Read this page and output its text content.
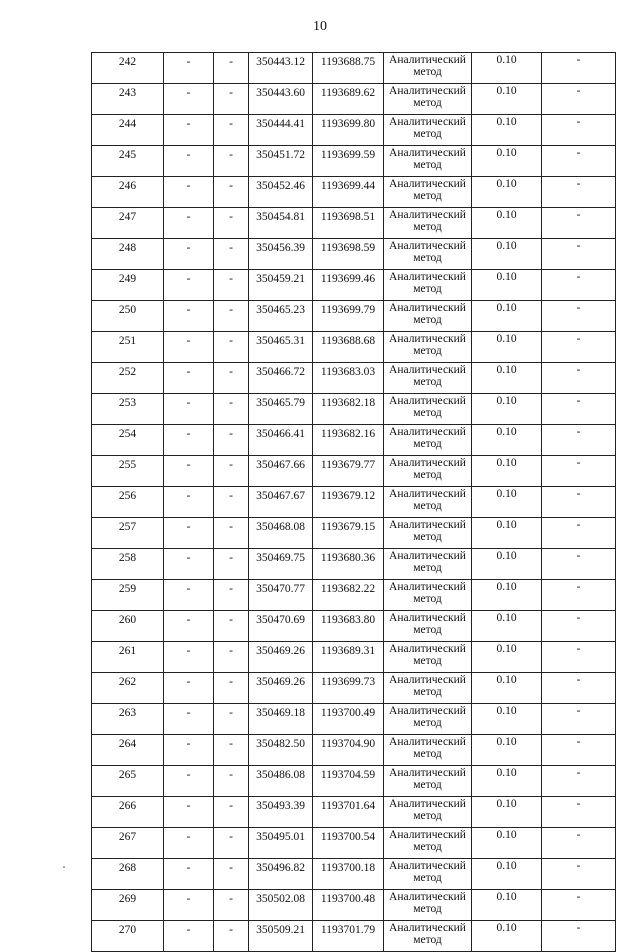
10
242	-	-	350443.12	1193688.75	Аналитический метод	0.10	-
243	-	-	350443.60	1193689.62	Аналитический метод	0.10	-
244	-	-	350444.41	1193699.80	Аналитический метод	0.10	-
245	-	-	350451.72	1193699.59	Аналитический метод	0.10	-
246	-	-	350452.46	1193699.44	Аналитический метод	0.10	-
247	-	-	350454.81	1193698.51	Аналитический метод	0.10	-
248	-	-	350456.39	1193698.59	Аналитический метод	0.10	-
249	-	-	350459.21	1193699.46	Аналитический метод	0.10	-
250	-	-	350465.23	1193699.79	Аналитический метод	0.10	-
251	-	-	350465.31	1193688.68	Аналитический метод	0.10	-
252	-	-	350466.72	1193683.03	Аналитический метод	0.10	-
253	-	-	350465.79	1193682.18	Аналитический метод	0.10	-
254	-	-	350466.41	1193682.16	Аналитический метод	0.10	-
255	-	-	350467.66	1193679.77	Аналитический метод	0.10	-
256	-	-	350467.67	1193679.12	Аналитический метод	0.10	-
257	-	-	350468.08	1193679.15	Аналитический метод	0.10	-
258	-	-	350469.75	1193680.36	Аналитический метод	0.10	-
259	-	-	350470.77	1193682.22	Аналитический метод	0.10	-
260	-	-	350470.69	1193683.80	Аналитический метод	0.10	-
261	-	-	350469.26	1193689.31	Аналитический метод	0.10	-
262	-	-	350469.26	1193699.73	Аналитический метод	0.10	-
263	-	-	350469.18	1193700.49	Аналитический метод	0.10	-
264	-	-	350482.50	1193704.90	Аналитический метод	0.10	-
265	-	-	350486.08	1193704.59	Аналитический метод	0.10	-
266	-	-	350493.39	1193701.64	Аналитический метод	0.10	-
267	-	-	350495.01	1193700.54	Аналитический метод	0.10	-
268	-	-	350496.82	1193700.18	Аналитический метод	0.10	-
269	-	-	350502.08	1193700.48	Аналитический метод	0.10	-
270	-	-	350509.21	1193701.79	Аналитический метод	0.10	-
